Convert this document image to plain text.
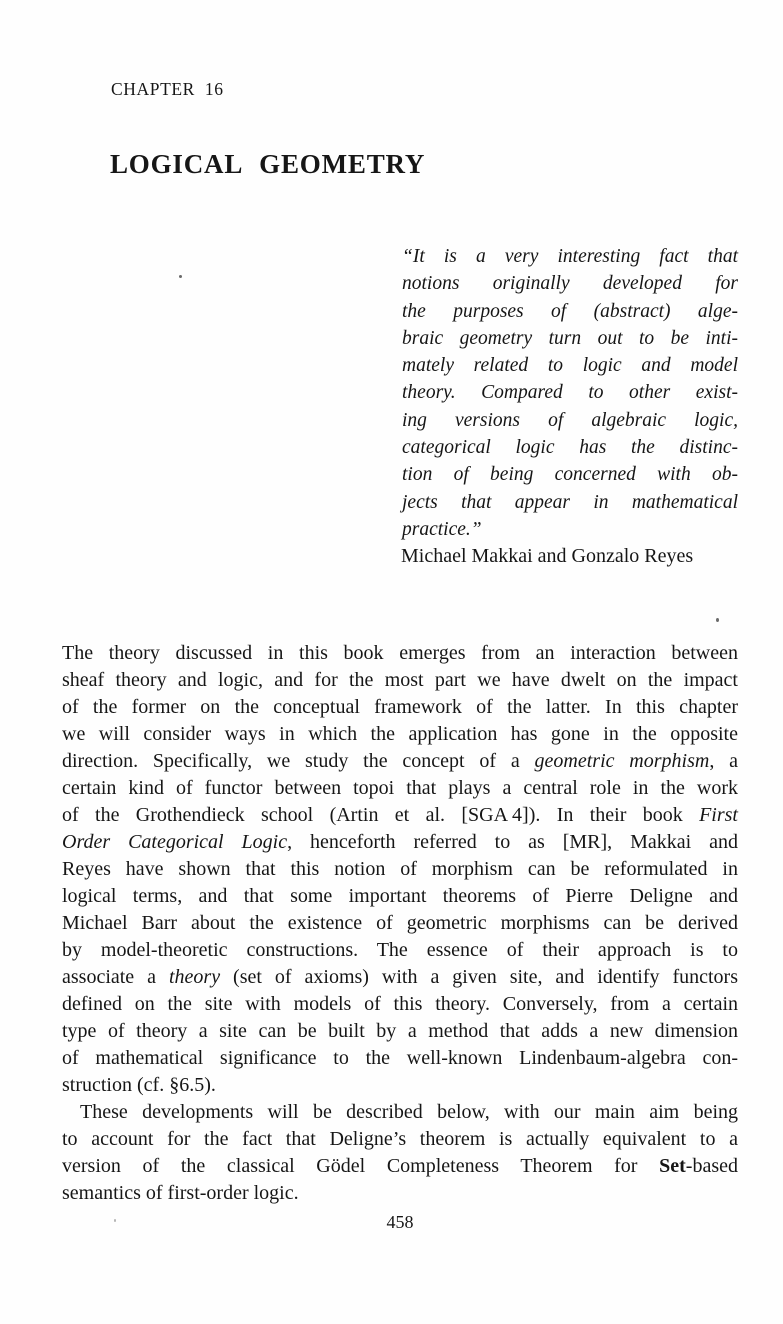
CHAPTER 16
LOGICAL GEOMETRY
“It is a very interesting fact that
notions originally developed for
the purposes of (abstract) alge-
braic geometry turn out to be inti-
mately related to logic and model
theory. Compared to other exist-
ing versions of algebraic logic,
categorical logic has the distinc-
tion of being concerned with ob-
jects that appear in mathematical
practice.”
Michael Makkai and Gonzalo Reyes
The theory discussed in this book emerges from an interaction between
sheaf theory and logic, and for the most part we have dwelt on the impact
of the former on the conceptual framework of the latter. In this chapter
we will consider ways in which the application has gone in the opposite
direction. Specifically, we study the concept of a geometric morphism, a
certain kind of functor between topoi that plays a central role in the work
of the Grothendieck school (Artin et al. [SGA 4]). In their book First
Order Categorical Logic, henceforth referred to as [MR], Makkai and
Reyes have shown that this notion of morphism can be reformulated in
logical terms, and that some important theorems of Pierre Deligne and
Michael Barr about the existence of geometric morphisms can be derived
by model-theoretic constructions. The essence of their approach is to
associate a theory (set of axioms) with a given site, and identify functors
defined on the site with models of this theory. Conversely, from a certain
type of theory a site can be built by a method that adds a new dimension
of mathematical significance to the well-known Lindenbaum-algebra con-
struction (cf. §6.5).
These developments will be described below, with our main aim being
to account for the fact that Deligne’s theorem is actually equivalent to a
version of the classical Gödel Completeness Theorem for Set-based
semantics of first-order logic.
458
